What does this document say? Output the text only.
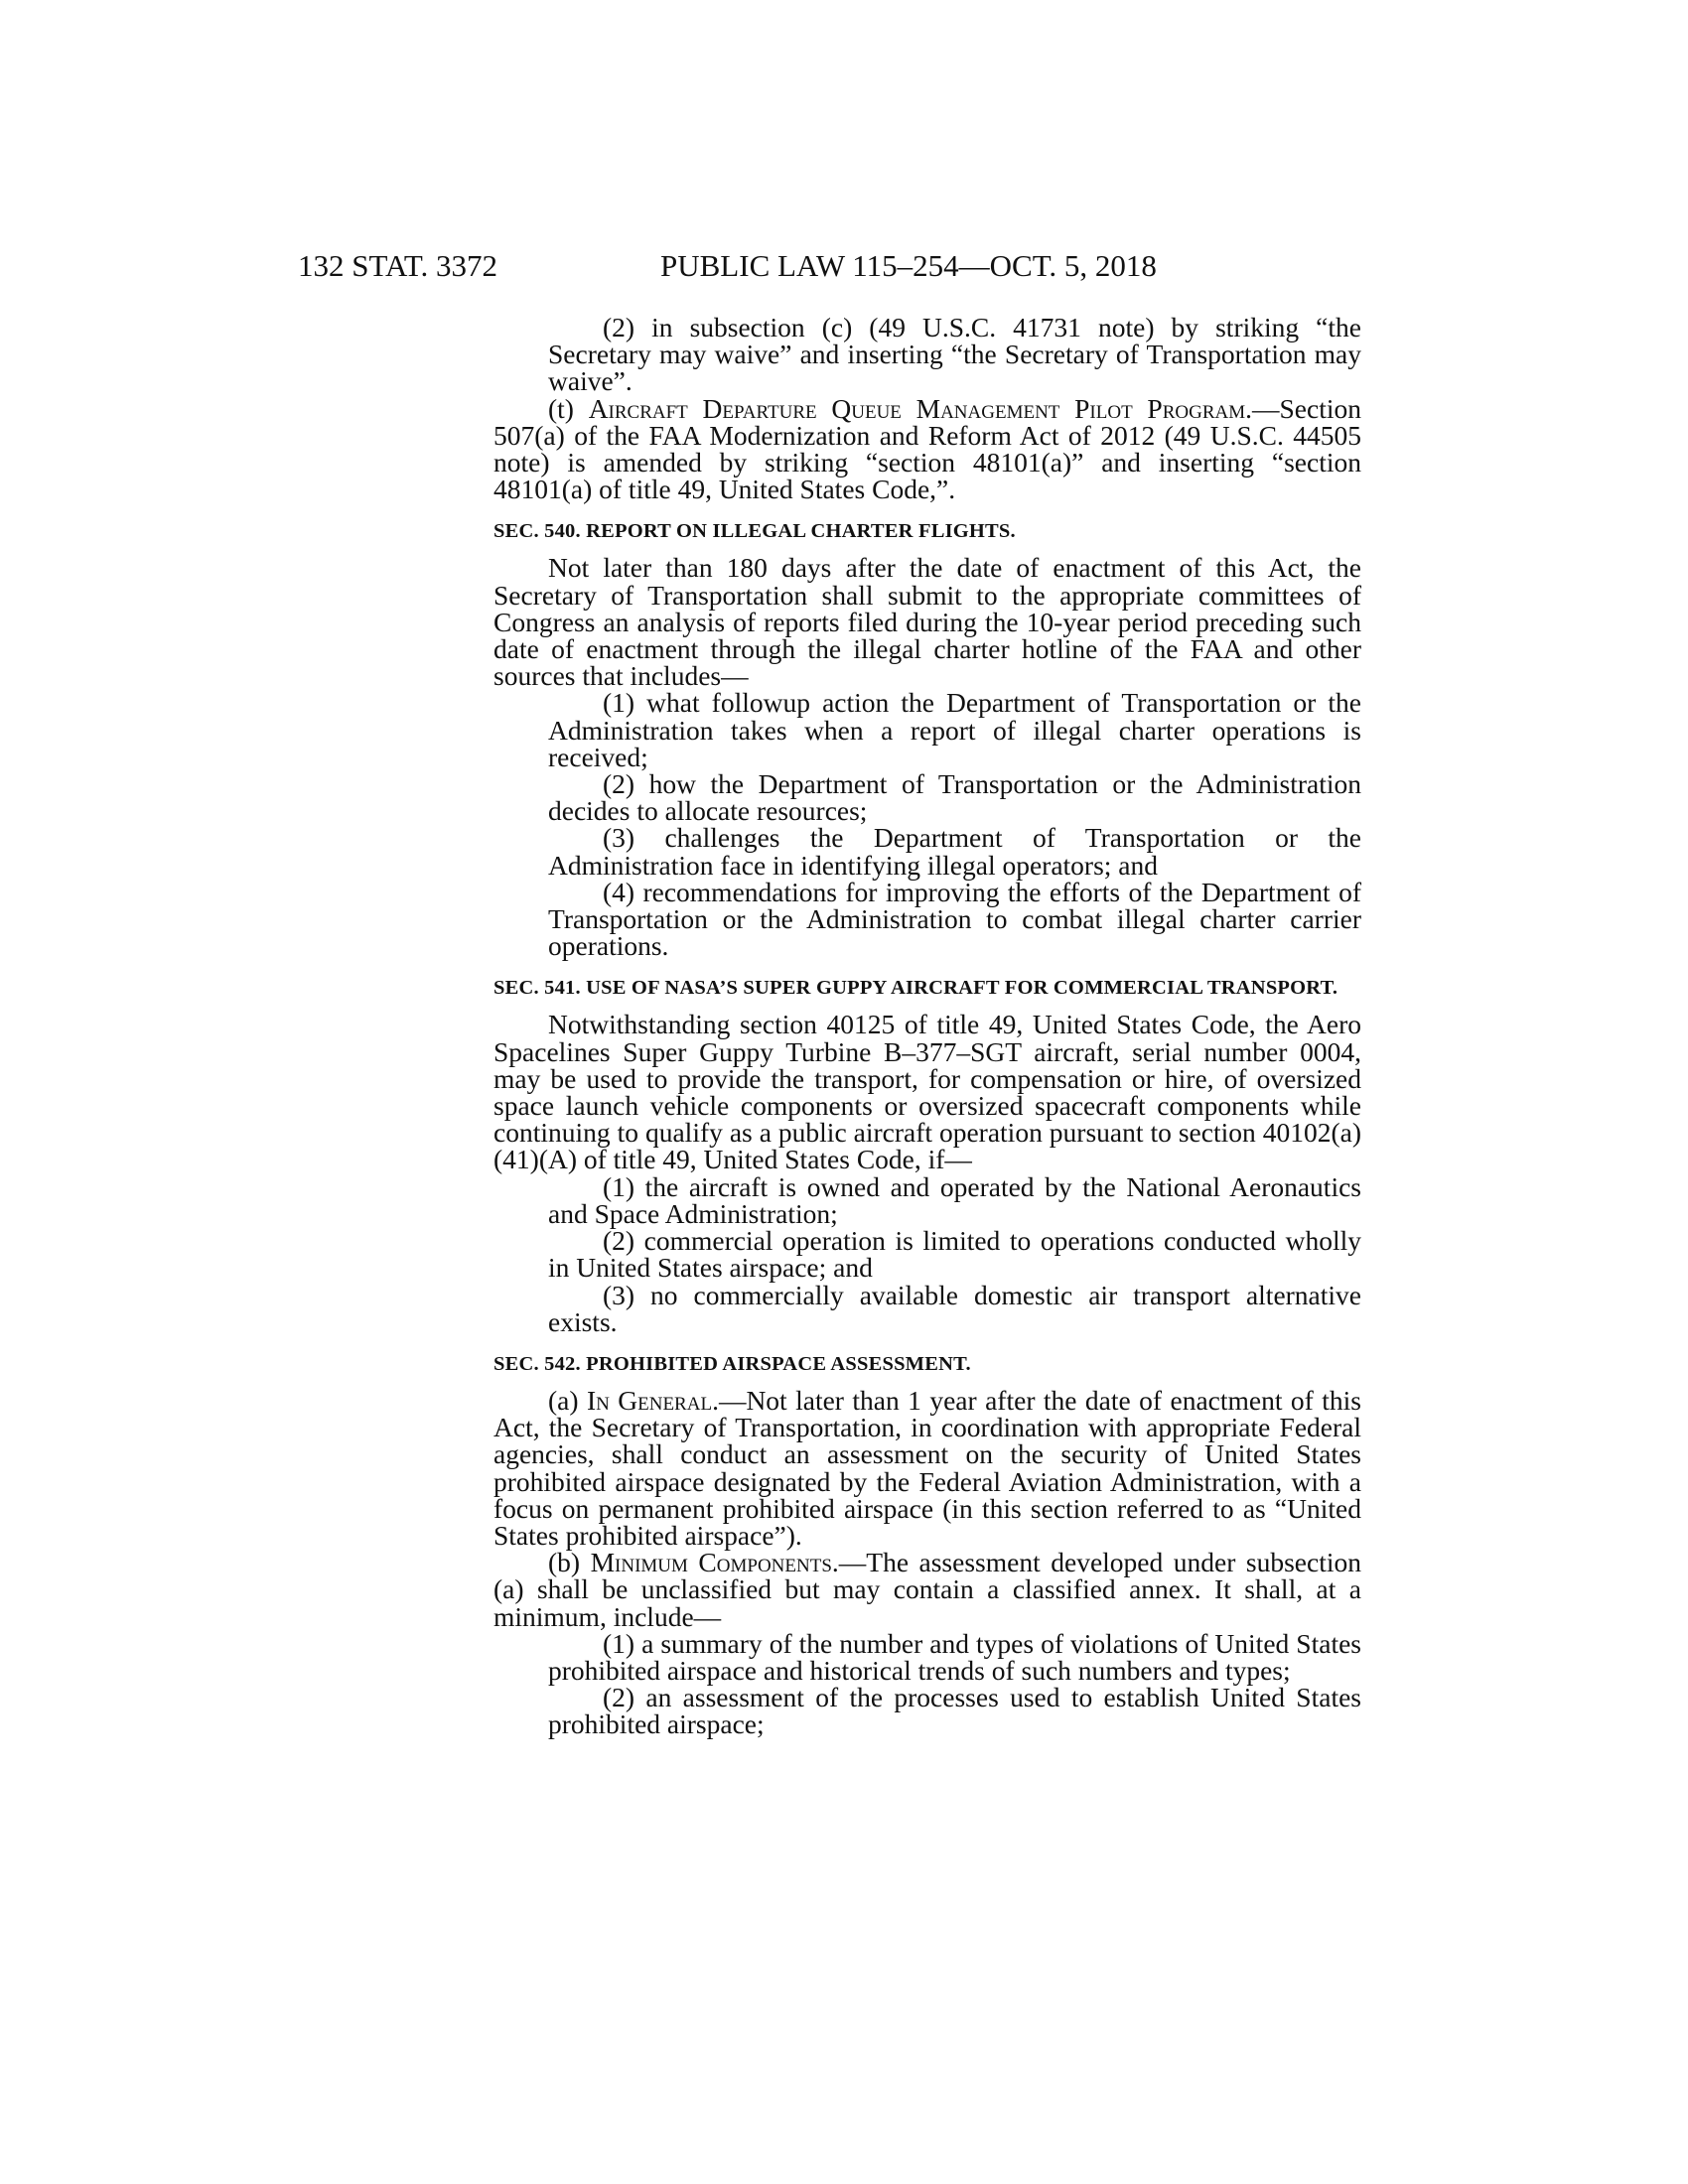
132 STAT. 3372	PUBLIC LAW 115–254—OCT. 5, 2018

(2) in subsection (c) (49 U.S.C. 41731 note) by striking “the Secretary may waive” and inserting “the Secretary of Transportation may waive”.

(t) Aircraft Departure Queue Management Pilot Program.—Section 507(a) of the FAA Modernization and Reform Act of 2012 (49 U.S.C. 44505 note) is amended by striking “section 48101(a)” and inserting “section 48101(a) of title 49, United States Code,”.

SEC. 540. REPORT ON ILLEGAL CHARTER FLIGHTS.

Not later than 180 days after the date of enactment of this Act, the Secretary of Transportation shall submit to the appropriate committees of Congress an analysis of reports filed during the 10-year period preceding such date of enactment through the illegal charter hotline of the FAA and other sources that includes—

(1) what followup action the Department of Transportation or the Administration takes when a report of illegal charter operations is received;

(2) how the Department of Transportation or the Administration decides to allocate resources;

(3) challenges the Department of Transportation or the Administration face in identifying illegal operators; and

(4) recommendations for improving the efforts of the Department of Transportation or the Administration to combat illegal charter carrier operations.

SEC. 541. USE OF NASA’S SUPER GUPPY AIRCRAFT FOR COMMERCIAL TRANSPORT.

Notwithstanding section 40125 of title 49, United States Code, the Aero Spacelines Super Guppy Turbine B–377–SGT aircraft, serial number 0004, may be used to provide the transport, for compensation or hire, of oversized space launch vehicle components or oversized spacecraft components while continuing to qualify as a public aircraft operation pursuant to section 40102(a)(41)(A) of title 49, United States Code, if—

(1) the aircraft is owned and operated by the National Aeronautics and Space Administration;

(2) commercial operation is limited to operations conducted wholly in United States airspace; and

(3) no commercially available domestic air transport alternative exists.

SEC. 542. PROHIBITED AIRSPACE ASSESSMENT.

(a) In General.—Not later than 1 year after the date of enactment of this Act, the Secretary of Transportation, in coordination with appropriate Federal agencies, shall conduct an assessment on the security of United States prohibited airspace designated by the Federal Aviation Administration, with a focus on permanent prohibited airspace (in this section referred to as “United States prohibited airspace”).

(b) Minimum Components.—The assessment developed under subsection (a) shall be unclassified but may contain a classified annex. It shall, at a minimum, include—

(1) a summary of the number and types of violations of United States prohibited airspace and historical trends of such numbers and types;

(2) an assessment of the processes used to establish United States prohibited airspace;
